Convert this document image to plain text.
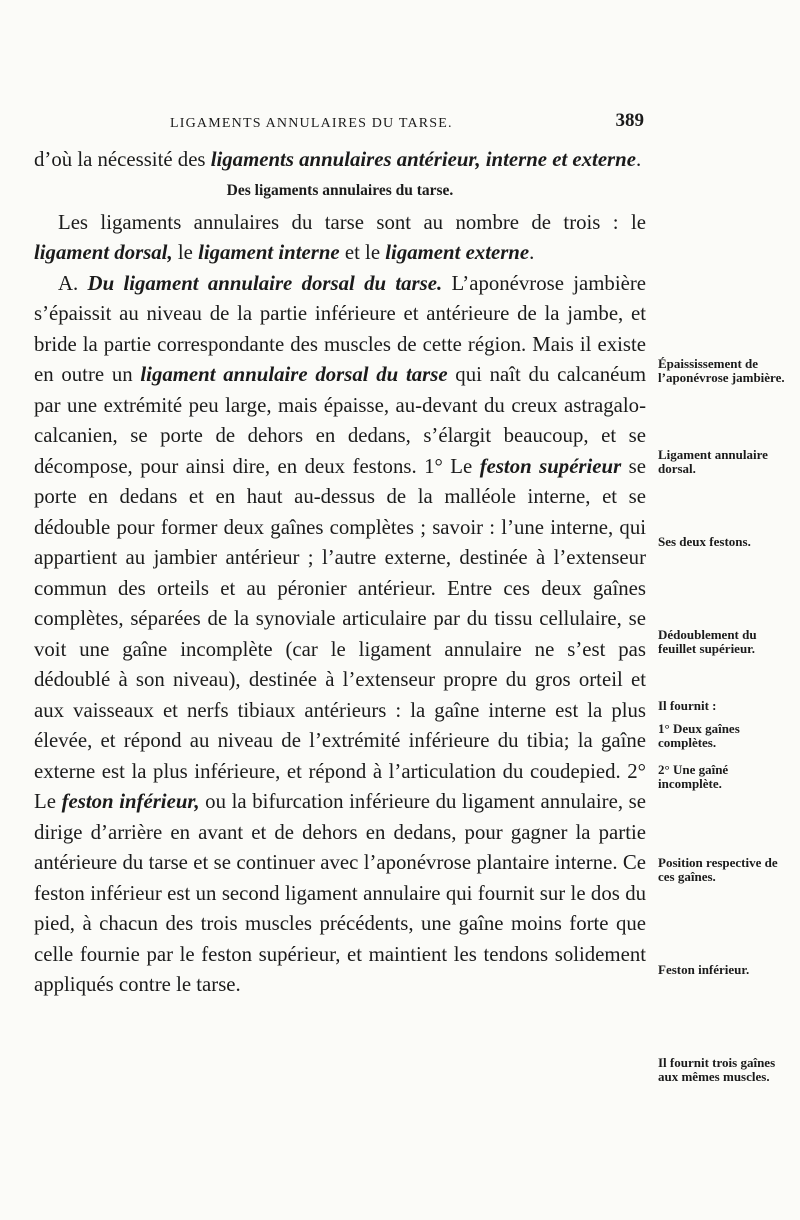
LIGAMENTS ANNULAIRES DU TARSE.	389

d’où la nécessité des ligaments annulaires antérieur, interne et externe.

Des ligaments annulaires du tarse.

Les ligaments annulaires du tarse sont au nombre de trois : le ligament dorsal, le ligament interne et le ligament externe.

A. Du ligament annulaire dorsal du tarse. L’aponévrose jambière s’épaissit au niveau de la partie inférieure et antérieure de la jambe, et bride la partie correspondante des muscles de cette région. Mais il existe en outre un ligament annulaire dorsal du tarse qui naît du calcanéum par une extrémité peu large, mais épaisse, au-devant du creux astragalo-calcanien, se porte de dehors en dedans, s’élargit beaucoup, et se décompose, pour ainsi dire, en deux festons. 1° Le feston supérieur se porte en dedans et en haut au-dessus de la malléole interne, et se dédouble pour former deux gaînes complètes ; savoir : l’une interne, qui appartient au jambier antérieur ; l’autre externe, destinée à l’extenseur commun des orteils et au péronier antérieur. Entre ces deux gaînes complètes, séparées de la synoviale articulaire par du tissu cellulaire, se voit une gaîne incomplète (car le ligament annulaire ne s’est pas dédoublé à son niveau), destinée à l’extenseur propre du gros orteil et aux vaisseaux et nerfs tibiaux antérieurs : la gaîne interne est la plus élevée, et répond au niveau de l’extrémité inférieure du tibia; la gaîne externe est la plus inférieure, et répond à l’articulation du coudepied. 2° Le feston inférieur, ou la bifurcation inférieure du ligament annulaire, se dirige d’arrière en avant et de dehors en dedans, pour gagner la partie antérieure du tarse et se continuer avec l’aponévrose plantaire interne. Ce feston inférieur est un second ligament annulaire qui fournit sur le dos du pied, à chacun des trois muscles précédents, une gaîne moins forte que celle fournie par le feston supérieur, et maintient les tendons solidement appliqués contre le tarse.

Épaississement de l’aponévrose jambière.
Ligament annulaire dorsal.
Ses deux festons.
Dédoublement du feuillet supérieur.
Il fournit :
1° Deux gaînes complètes.
2° Une gaîné incomplète.
Position respective de ces gaînes.
Feston inférieur.
Il fournit trois gaînes aux mêmes muscles.
